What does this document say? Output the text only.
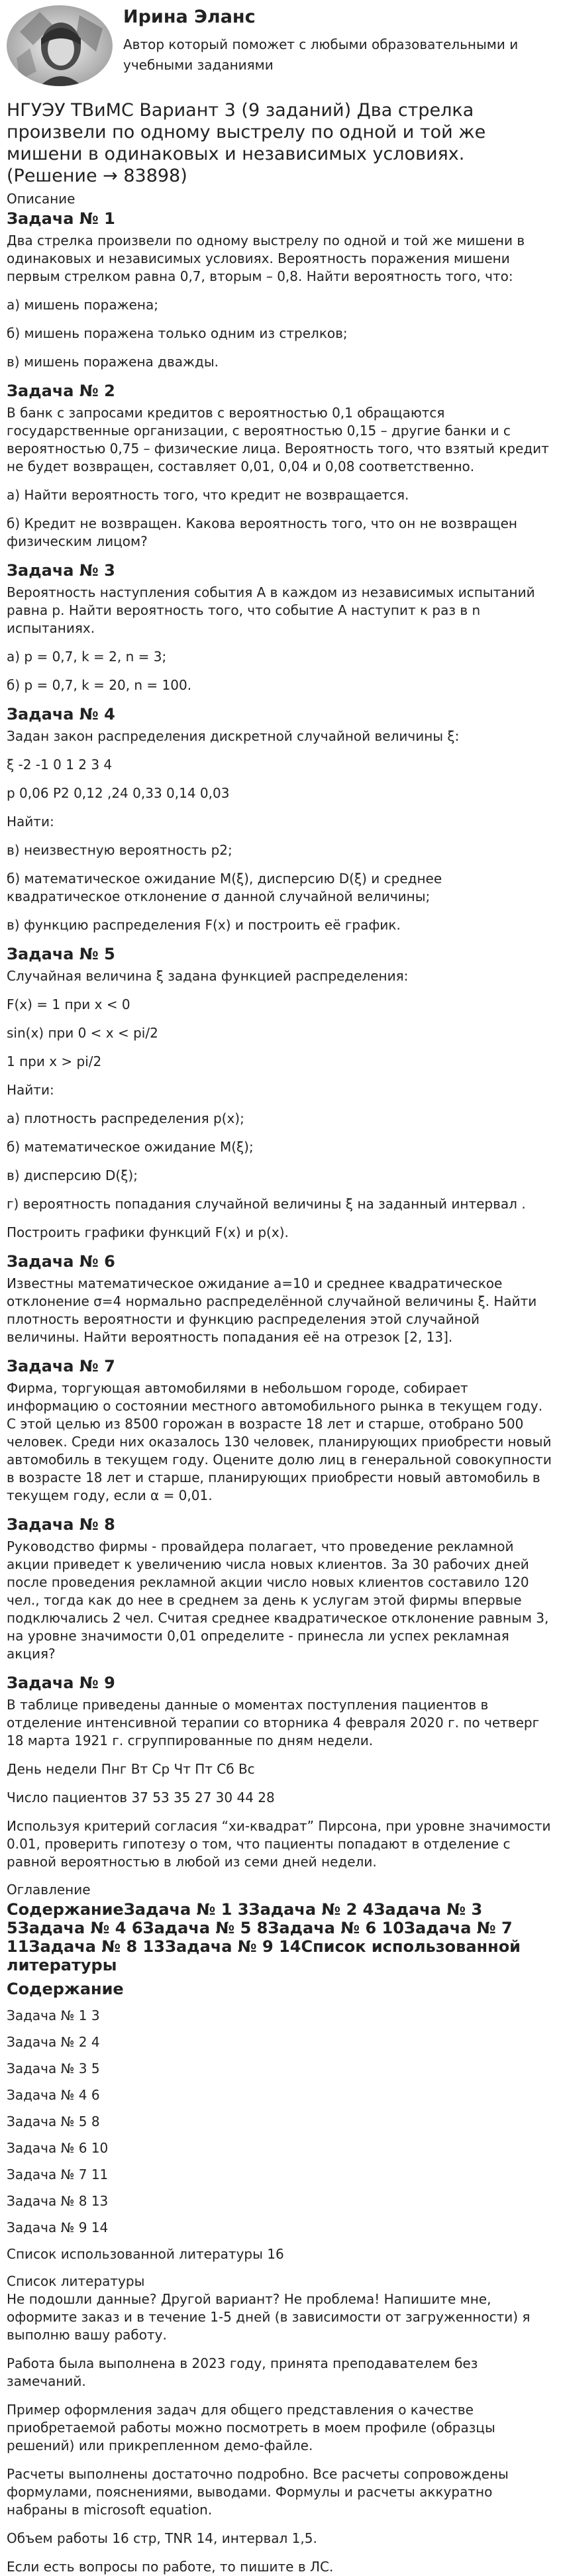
Ирина Эланс

Автор который поможет с любыми образовательными и учебными заданиями

НГУЭУ ТВиМС Вариант 3 (9 заданий) Два стрелка произвели по одному выстрелу по одной и той же мишени в одинаковых и независимых условиях. (Решение → 83898)

Описание

Задача № 1

Два стрелка произвели по одному выстрелу по одной и той же мишени в одинаковых и независимых условиях. Вероятность поражения мишени первым стрелком равна 0,7, вторым – 0,8. Найти вероятность того, что:

а) мишень поражена;

б) мишень поражена только одним из стрелков;

в) мишень поражена дважды.

Задача № 2

В банк с запросами кредитов с вероятностью 0,1 обращаются государственные организации, с вероятностью 0,15 – другие банки и с вероятностью 0,75 – физические лица. Вероятность того, что взятый кредит не будет возвращен, составляет 0,01, 0,04 и 0,08 соответственно.

а) Найти вероятность того, что кредит не возвращается.

б) Кредит не возвращен. Какова вероятность того, что он не возвращен физическим лицом?

Задача № 3

Вероятность наступления события А в каждом из независимых испытаний равна р. Найти вероятность того, что событие А наступит к раз в n испытаниях.

а) р = 0,7, k = 2, n = 3;

б) р = 0,7, k = 20, n = 100.

Задача № 4

Задан закон распределения дискретной случайной величины ξ:

ξ -2 -1 0 1 2 3 4

p 0,06 P2 0,12 ,24 0,33 0,14 0,03

Найти:

в) неизвестную вероятность p2;

б) математическое ожидание M(ξ), дисперсию D(ξ) и среднее квадратическое отклонение σ данной случайной величины;

в) функцию распределения F(x) и построить её график.

Задача № 5

Случайная величина ξ задана функцией распределения:

F(x) = 1 при x < 0

sin(x) при 0 < x < pi/2

1 при x > pi/2

Найти:

а) плотность распределения p(x);

б) математическое ожидание M(ξ);

в) дисперсию D(ξ);

г) вероятность попадания случайной величины ξ на заданный интервал .

Построить графики функций F(x) и p(x).

Задача № 6

Известны математическое ожидание a=10 и среднее квадратическое отклонение σ=4 нормально распределённой случайной величины ξ. Найти плотность вероятности и функцию распределения этой случайной величины. Найти вероятность попадания её на отрезок [2, 13].

Задача № 7

Фирма, торгующая автомобилями в небольшом городе, собирает информацию о состоянии местного автомобильного рынка в текущем году. С этой целью из 8500 горожан в возрасте 18 лет и старше, отобрано 500 человек. Среди них оказалось 130 человек, планирующих приобрести новый автомобиль в текущем году. Оцените долю лиц в генеральной совокупности в возрасте 18 лет и старше, планирующих приобрести новый автомобиль в текущем году, если α = 0,01.

Задача № 8

Руководство фирмы - провайдера полагает, что проведение рекламной акции приведет к увеличению числа новых клиентов. За 30 рабочих дней после проведения рекламной акции число новых клиентов составило 120 чел., тогда как до нее в среднем за день к услугам этой фирмы впервые подключались 2 чел. Считая среднее квадратическое отклонение равным 3, на уровне значимости 0,01 определите - принесла ли успех рекламная акция?

Задача № 9

В таблице приведены данные о моментах поступления пациентов в отделение интенсивной терапии со вторника 4 февраля 2020 г. по четверг 18 марта 1921 г. сгруппированные по дням недели.

День недели Пнг Вт Ср Чт Пт Сб Вс

Число пациентов 37 53 35 27 30 44 28

Используя критерий согласия “хи-квадрат” Пирсона, при уровне значимости 0.01, проверить гипотезу о том, что пациенты попадают в отделение с равной вероятностью в любой из семи дней недели.

Оглавление

СодержаниеЗадача № 1 3Задача № 2 4Задача № 3 5Задача № 4 6Задача № 5 8Задача № 6 10Задача № 7 11Задача № 8 13Задача № 9 14Список использованной литературы

Содержание

Задача № 1 3

Задача № 2 4

Задача № 3 5

Задача № 4 6

Задача № 5 8

Задача № 6 10

Задача № 7 11

Задача № 8 13

Задача № 9 14

Список использованной литературы 16

Список литературы

Не подошли данные? Другой вариант? Не проблема! Напишите мне, оформите заказ и в течение 1-5 дней (в зависимости от загруженности) я выполню вашу работу.

Работа была выполнена в 2023 году, принята преподавателем без замечаний.

Пример оформления задач для общего представления о качестве приобретаемой работы можно посмотреть в моем профиле (образцы решений) или прикрепленном демо-файле.

Расчеты выполнены достаточно подробно. Все расчеты сопровождены формулами, пояснениями, выводами. Формулы и расчеты аккуратно набраны в microsoft equation.

Объем работы 16 стр, TNR 14, интервал 1,5.

Если есть вопросы по работе, то пишите в ЛС.
